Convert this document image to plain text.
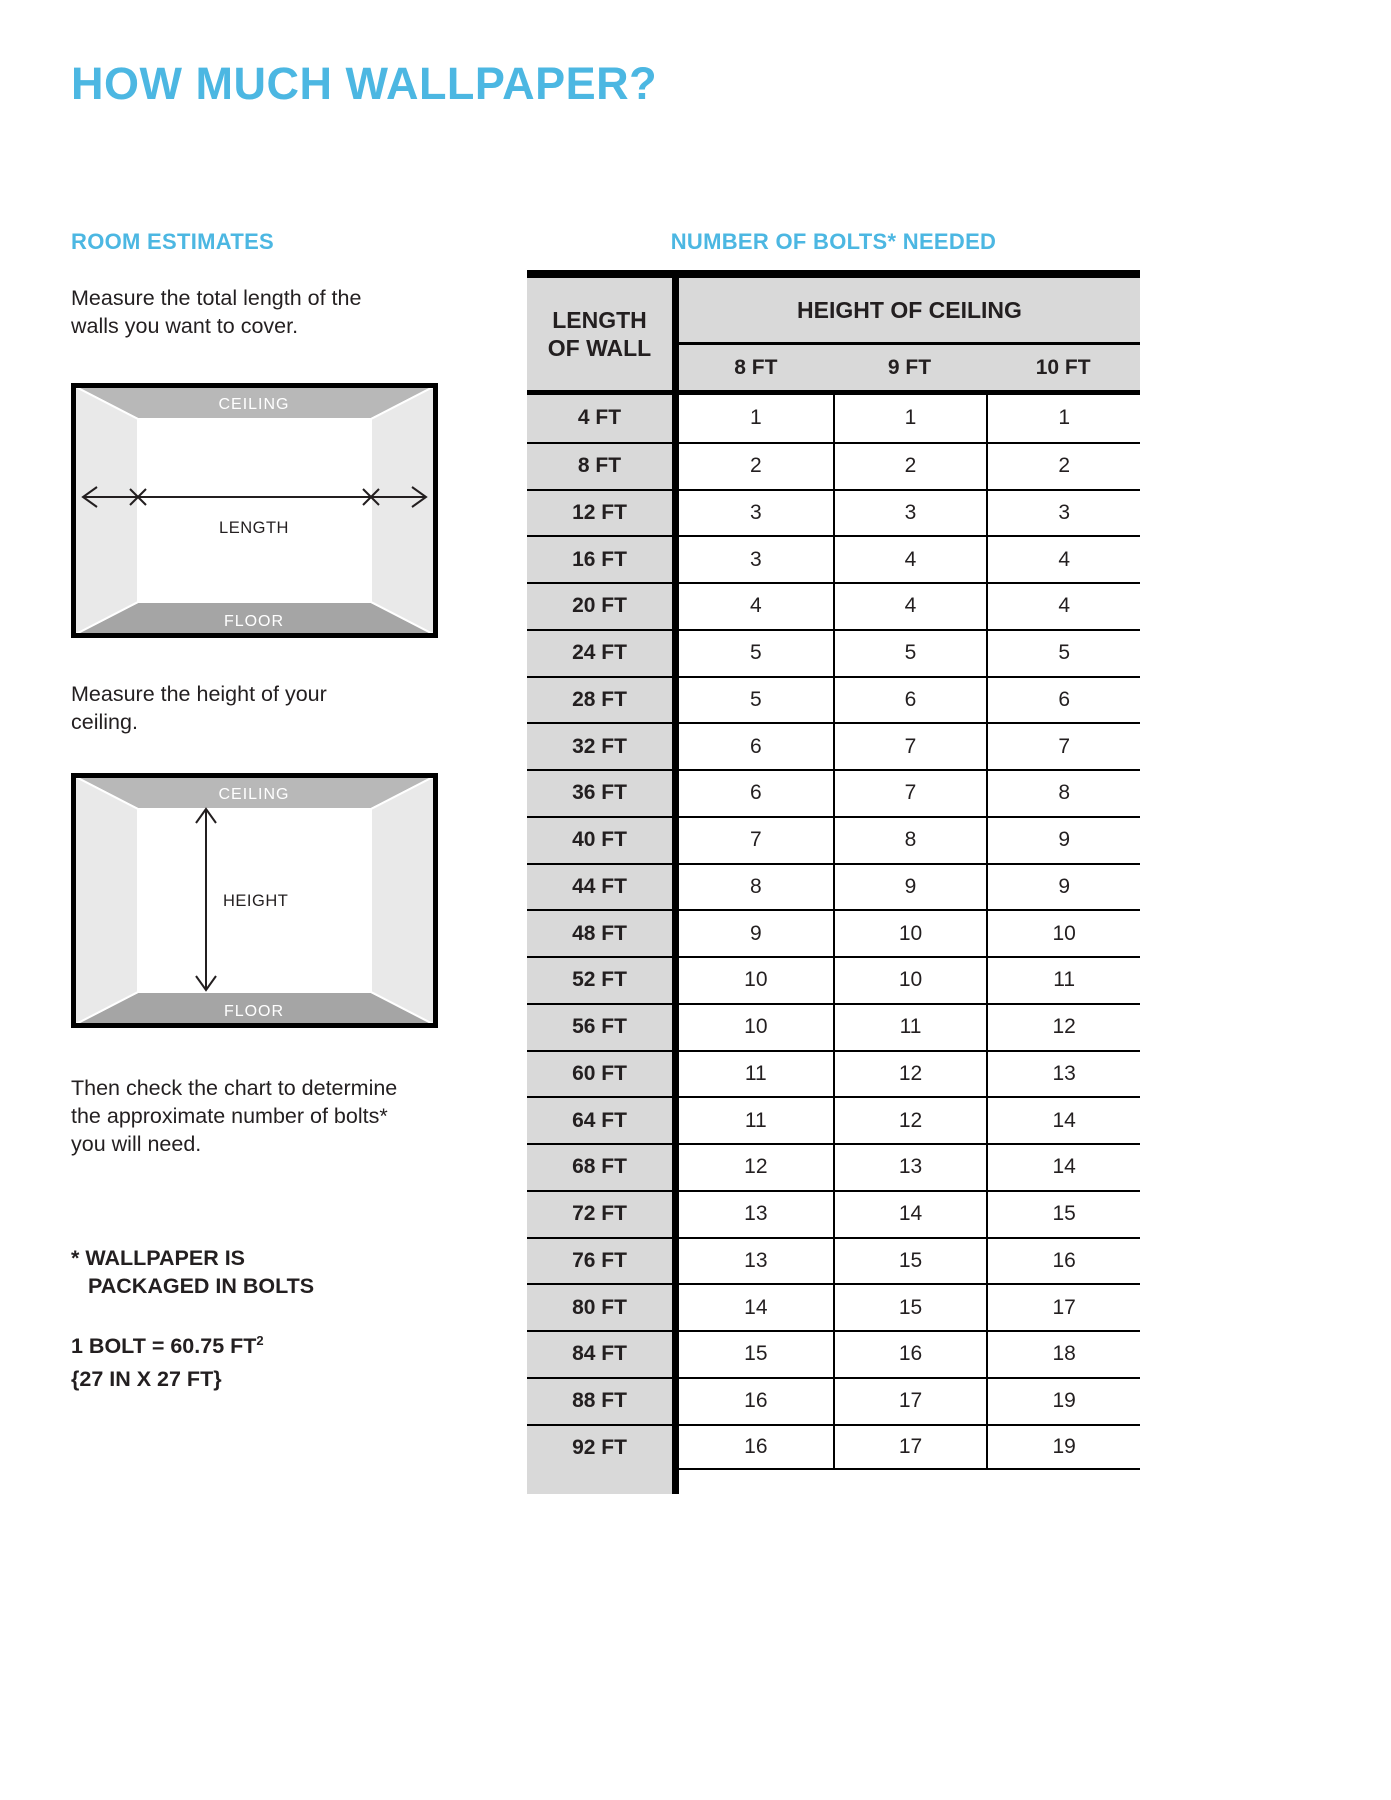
HOW MUCH WALLPAPER?
ROOM ESTIMATES

Measure the total length of the walls you want to cover.

CEILING
FLOOR
LENGTH

Measure the height of your ceiling.

CEILING
FLOOR
HEIGHT

Then check the chart to determine the approximate number of bolts* you will need.

* WALLPAPER IS
PACKAGED IN BOLTS
1 BOLT = 60.75 $FT^2$
{27 IN X 27 FT}
NUMBER OF BOLTS* NEEDED
LENGTH OF WALL
HEIGHT OF CEILING
8 FT	9 FT	10 FT
4 FT	1	1	1
8 FT	2	2	2
12 FT	3	3	3
16 FT	3	4	4
20 FT	4	4	4
24 FT	5	5	5
28 FT	5	6	6
32 FT	6	7	7
36 FT	6	7	8
40 FT	7	8	9
44 FT	8	9	9
48 FT	9	10	10
52 FT	10	10	11
56 FT	10	11	12
60 FT	11	12	13
64 FT	11	12	14
68 FT	12	13	14
72 FT	13	14	15
76 FT	13	15	16
80 FT	14	15	17
84 FT	15	16	18
88 FT	16	17	19
92 FT	16	17	19
